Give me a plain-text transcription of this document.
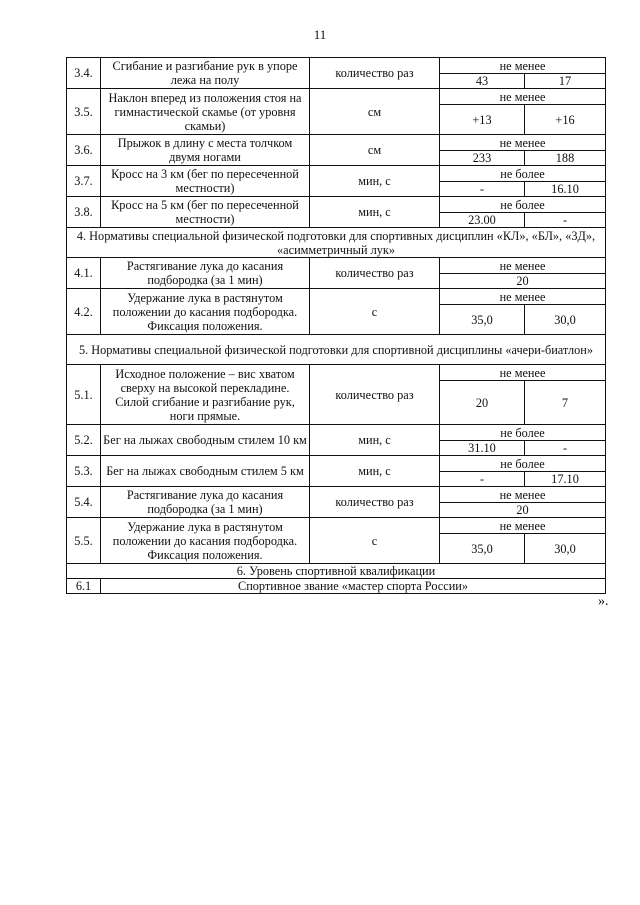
11
3.4.	Сгибание и разгибание рук в упоре лежа на полу	количество раз	не менее	
			43	17
3.5.	Наклон вперед из положения стоя на гимнастической скамье (от уровня скамьи)	см	не менее	
			+13	+16
3.6.	Прыжок в длину с места толчком двумя ногами	см	не менее	
			233	188
3.7.	Кросс на 3 км (бег по пересеченной местности)	мин, с	не более	
			-	16.10
3.8.	Кросс на 5 км (бег по пересеченной местности)	мин, с	не более	
			23.00	-
4. Нормативы специальной физической подготовки для спортивных дисциплин «КЛ», «БЛ», «3Д», «асимметричный лук»				
4.1.	Растягивание лука до касания подбородка (за 1 мин)	количество раз	не менее	
			20	
4.2.	Удержание лука в растянутом положении до касания подбородка. Фиксация положения.	с	не менее	
			35,0	30,0
5. Нормативы специальной физической подготовки для спортивной дисциплины «ачери-биатлон»				
5.1.	Исходное положение – вис хватом сверху на высокой перекладине. Силой сгибание и разгибание рук, ноги прямые.	количество раз	не менее	
			20	7
5.2.	Бег на лыжах свободным стилем 10 км	мин, с	не более	
			31.10	-
5.3.	Бег на лыжах свободным стилем 5 км	мин, с	не более	
			-	17.10
5.4.	Растягивание лука до касания подбородка (за 1 мин)	количество раз	не менее	
			20	
5.5.	Удержание лука в растянутом положении до касания подбородка. Фиксация положения.	с	не менее	
			35,0	30,0
6. Уровень спортивной квалификации				
6.1	Спортивное звание «мастер спорта России»			
».
